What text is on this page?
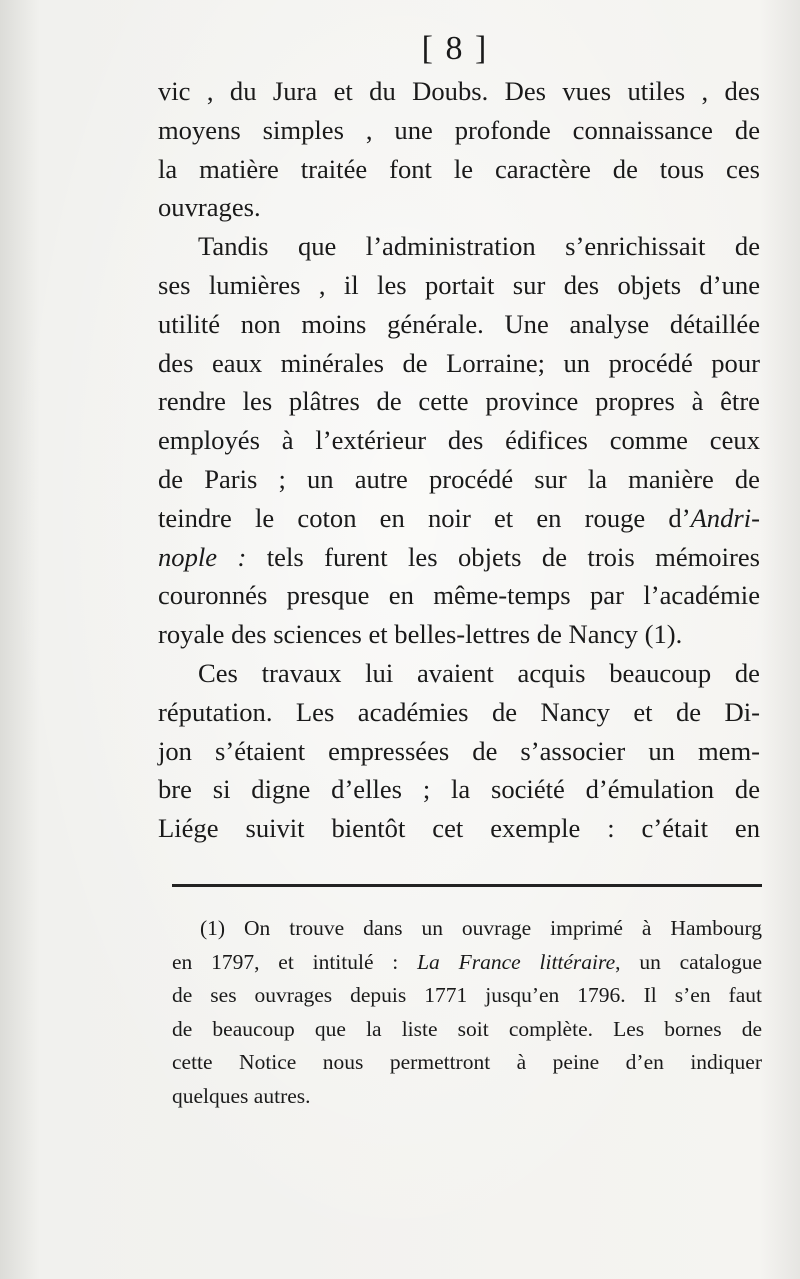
[ 8 ]
vic , du Jura et du Doubs. Des vues utiles , des
moyens simples , une profonde connaissance de
la matière traitée font le caractère de tous ces
ouvrages.
Tandis que l’administration s’enrichissait de
ses lumières , il les portait sur des objets d’une
utilité non moins générale. Une analyse détaillée
des eaux minérales de Lorraine; un procédé pour
rendre les plâtres de cette province propres à être
employés à l’extérieur des édifices comme ceux
de Paris ; un autre procédé sur la manière de
teindre le coton en noir et en rouge d’Andri-
nople : tels furent les objets de trois mémoires
couronnés presque en même-temps par l’académie
royale des sciences et belles-lettres de Nancy (1).
Ces travaux lui avaient acquis beaucoup de
réputation. Les académies de Nancy et de Di-
jon s’étaient empressées de s’associer un mem-
bre si digne d’elles ; la société d’émulation de
Liége suivit bientôt cet exemple : c’était en
(1) On trouve dans un ouvrage imprimé à Hambourg
en 1797, et intitulé : La France littéraire, un catalogue
de ses ouvrages depuis 1771 jusqu’en 1796. Il s’en faut
de beaucoup que la liste soit complète. Les bornes de
cette Notice nous permettront à peine d’en indiquer
quelques autres.
